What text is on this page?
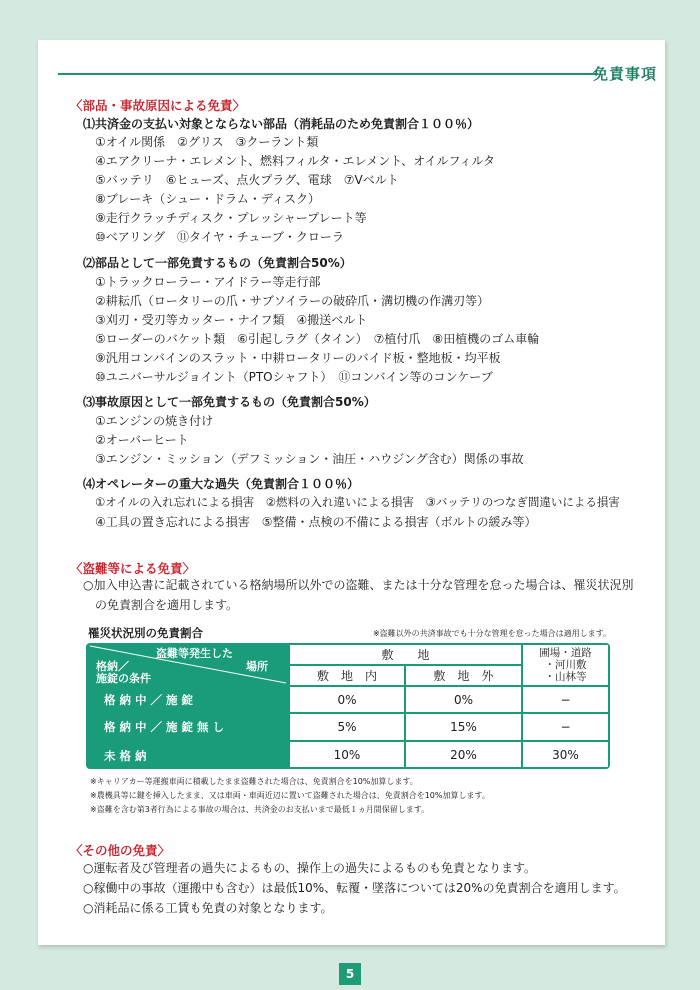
免責事項
〈部品・事故原因による免責〉
⑴共済金の支払い対象とならない部品（消耗品のため免責割合１００％）
①オイル関係　②グリス　③クーラント類
④エアクリーナ・エレメント、燃料フィルタ・エレメント、オイルフィルタ
⑤バッテリ　⑥ヒューズ、点火プラグ、電球　⑦Vベルト
⑧ブレーキ（シュー・ドラム・ディスク）
⑨走行クラッチディスク・プレッシャープレート等
⑩ベアリング　⑪タイヤ・チューブ・クローラ
⑵部品として一部免責するもの（免責割合50%）
①トラックローラー・アイドラー等走行部
②耕耘爪（ロータリーの爪・サブソイラーの破砕爪・溝切機の作溝刃等）
③刈刃・受刃等カッター・ナイフ類　④搬送ベルト
⑤ローダーのバケット類　⑥引起しラグ（タイン）　⑦植付爪　⑧田植機のゴム車輪
⑨汎用コンバインのスラット・中耕ロータリーのバイド板・整地板・均平板
⑩ユニバーサルジョイント（PTOシャフト）　⑪コンバイン等のコンケーブ
⑶事故原因として一部免責するもの（免責割合50%）
①エンジンの焼き付け
②オーバーヒート
③エンジン・ミッション（デフミッション・油圧・ハウジング含む）関係の事故
⑷オペレーターの重大な過失（免責割合１００％）
①オイルの入れ忘れによる損害　②燃料の入れ違いによる損害　③バッテリのつなぎ間違いによる損害
④工具の置き忘れによる損害　⑤整備・点検の不備による損害（ボルトの緩み等）
〈盗難等による免責〉
○加入申込書に記載されている格納場所以外での盗難、または十分な管理を怠った場合は、罹災状況別
　の免責割合を適用します。
罹災状況別の免責割合	※盗難以外の共済事故でも十分な管理を怠った場合は適用します。
盗難等発生した
場所
格納／
施錠の条件
敷　　地
敷　地　内	敷　地　外
圃場・道路
・河川敷
・山林等
格 納 中 ／ 施 錠	0%	0%	−
格 納 中 ／ 施 錠 無 し	5%	15%	−
未 格 納	10%	20%	30%
※キャリアカー等運搬車両に積載したまま盗難された場合は、免責割合を10%加算します。
※農機具等に鍵を挿入したまま、又は車両・車両近辺に置いて盗難された場合は、免責割合を10%加算します。
※盗難を含む第3者行為による事故の場合は、共済金のお支払いまで最低１ヵ月間保留します。
〈その他の免責〉
○運転者及び管理者の過失によるもの、操作上の過失によるものも免責となります。
○稼働中の事故（運搬中も含む）は最低10%、転覆・墜落については20%の免責割合を適用します。
○消耗品に係る工賃も免責の対象となります。
5
